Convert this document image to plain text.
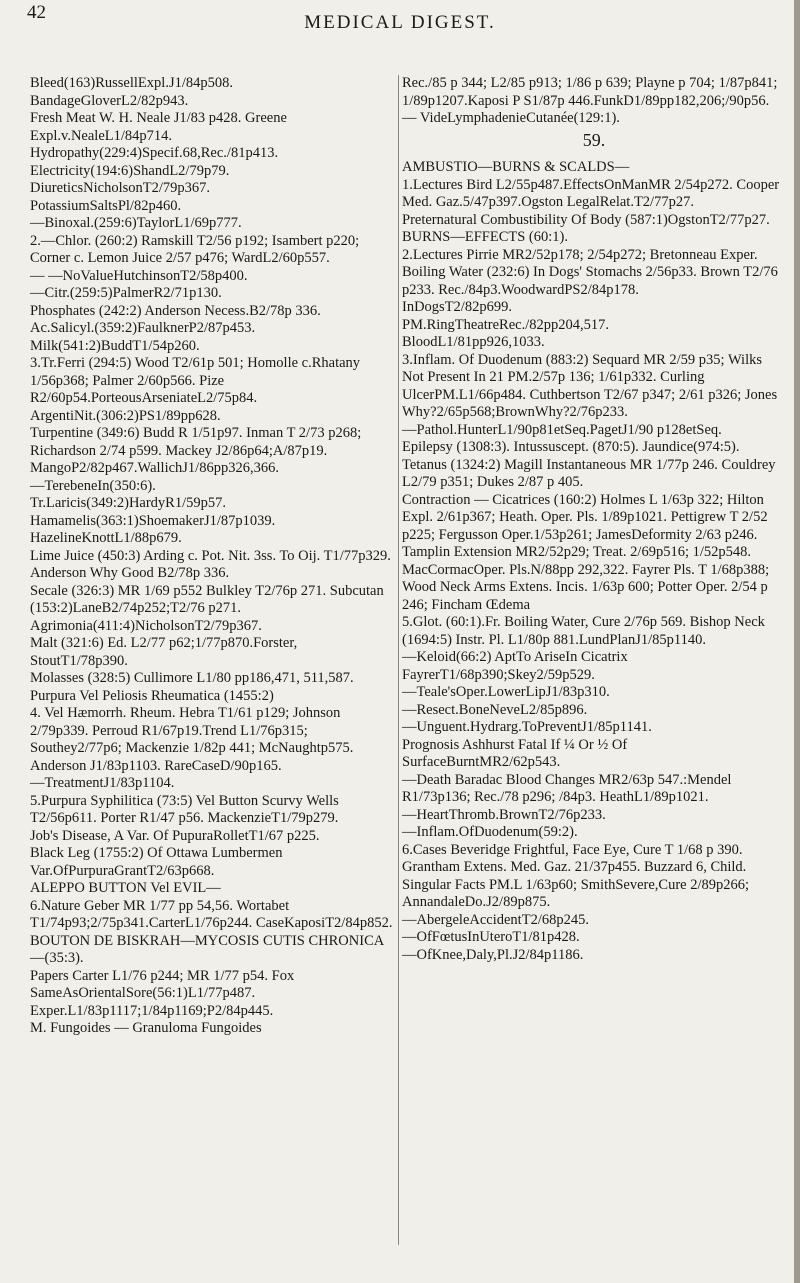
42	MEDICAL DIGEST.
Bleed(163)RussellExpl.J1/84p508.
BandageGloverL2/82p943.
Fresh Meat W. H. Neale J1/83 p428. Greene Expl.v.NealeL1/84p714.
Hydropathy(229:4)Specif.68,Rec./81p413.
Electricity(194:6)ShandL2/79p79.
DiureticsNicholsonT2/79p367.
PotassiumSaltsPl/82p460.
—Binoxal.(259:6)TaylorL1/69p777.
2.—Chlor. (260:2) Ramskill T2/56 p192; Isambert p220; Corner c. Lemon Juice 2/57 p476; WardL2/60p557.
— —NoValueHutchinsonT2/58p400.
—Citr.(259:5)PalmerR2/71p130.
Phosphates (242:2) Anderson Necess.B2/78p 336.
Ac.Salicyl.(359:2)FaulknerP2/87p453.
Milk(541:2)BuddT1/54p260.
3.Tr.Ferri (294:5) Wood T2/61p 501; Homolle c.Rhatany 1/56p368; Palmer 2/60p566. Pize R2/60p54.PorteousArseniateL2/75p84.
ArgentiNit.(306:2)PS1/89pp628.
Turpentine (349:6) Budd R 1/51p97. Inman T 2/73 p268; Richardson 2/74 p599. Mackey J2/86p64;A/87p19.
MangoP2/82p467.WallichJ1/86pp326,366.
—TerebeneIn(350:6).
Tr.Laricis(349:2)HardyR1/59p57.
Hamamelis(363:1)ShoemakerJ1/87p1039.
HazelineKnottL1/88p679.
Lime Juice (450:3) Arding c. Pot. Nit. 3ss. To Oij. T1/77p329. Anderson Why Good B2/78p 336.
Secale (326:3) MR 1/69 p552 Bulkley T2/76p 271. Subcutan (153:2)LaneB2/74p252;T2/76 p271.
Agrimonia(411:4)NicholsonT2/79p367.
Malt (321:6) Ed. L2/77 p62;1/77p870.Forster, StoutT1/78p390.
Molasses (328:5) Cullimore L1/80 pp186,471, 511,587.
Purpura Vel Peliosis Rheumatica (1455:2)
4. Vel Hæmorrh. Rheum. Hebra T1/61 p129; Johnson 2/79p339. Perroud R1/67p19.Trend L1/76p315; Southey2/77p6; Mackenzie 1/82p 441; McNaughtp575. Anderson J1/83p1103. RareCaseD/90p165.
—TreatmentJ1/83p1104.
5.Purpura Syphilitica (73:5) Vel Button Scurvy Wells T2/56p611. Porter R1/47 p56. MackenzieT1/79p279.
Job's Disease, A Var. Of PupuraRolletT1/67 p225.
Black Leg (1755:2) Of Ottawa Lumbermen Var.OfPurpuraGrantT2/63p668.
ALEPPO BUTTON Vel EVIL—
6.Nature Geber MR 1/77 pp 54,56. Wortabet T1/74p93;2/75p341.CarterL1/76p244. CaseKaposiT2/84p852.
BOUTON DE BISKRAH—MYCOSIS CUTIS CHRONICA—(35:3).
Papers Carter L1/76 p244; MR 1/77 p54. Fox SameAsOrientalSore(56:1)L1/77p487. Exper.L1/83p1117;1/84p1169;P2/84p445.
M. Fungoides — Granuloma Fungoides
Rec./85 p 344; L2/85 p913; 1/86 p 639; Playne p 704; 1/87p841; 1/89p1207.Kaposi P S1/87p 446.FunkD1/89pp182,206;/90p56.
— VideLymphadenieCutanée(129:1).
59.
AMBUSTIO—BURNS & SCALDS—
1.Lectures Bird L2/55p487.EffectsOnManMR 2/54p272. Cooper Med. Gaz.5/47p397.Ogston LegalRelat.T2/77p27.
Preternatural Combustibility Of Body (587:1)OgstonT2/77p27.
BURNS—EFFECTS (60:1).
2.Lectures Pirrie MR2/52p178; 2/54p272; Bretonneau Exper. Boiling Water (232:6) In Dogs' Stomachs 2/56p33. Brown T2/76 p233. Rec./84p3.WoodwardPS2/84p178.
InDogsT2/82p699.
PM.RingTheatreRec./82pp204,517.
BloodL1/81pp926,1033.
3.Inflam. Of Duodenum (883:2) Sequard MR 2/59 p35; Wilks Not Present In 21 PM.2/57p 136; 1/61p332. Curling UlcerPM.L1/66p484. Cuthbertson T2/67 p347; 2/61 p326; Jones Why?2/65p568;BrownWhy?2/76p233.
—Pathol.HunterL1/90p81etSeq.PagetJ1/90 p128etSeq.
Epilepsy (1308:3). Intussuscept. (870:5). Jaundice(974:5).
Tetanus (1324:2) Magill Instantaneous MR 1/77p 246. Couldrey L2/79 p351; Dukes 2/87 p 405.
Contraction — Cicatrices (160:2) Holmes L 1/63p 322; Hilton Expl. 2/61p367; Heath. Oper. Pls. 1/89p1021. Pettigrew T 2/52 p225; Fergusson Oper.1/53p261; JamesDeformity 2/63 p246. Tamplin Extension MR2/52p29; Treat. 2/69p516; 1/52p548. MacCormacOper. Pls.N/88pp 292,322. Fayrer Pls. T 1/68p388; Wood Neck Arms Extens. Incis. 1/63p 600; Potter Oper. 2/54 p 246; Fincham Œdema
5.Glot. (60:1).Fr. Boiling Water, Cure 2/76p 569. Bishop Neck (1694:5) Instr. Pl. L1/80p 881.LundPlanJ1/85p1140.
—Keloid(66:2) AptTo AriseIn Cicatrix FayrerT1/68p390;Skey2/59p529.
—Teale'sOper.LowerLipJ1/83p310.
—Resect.BoneNeveL2/85p896.
—Unguent.Hydrarg.ToPreventJ1/85p1141.
Prognosis Ashhurst Fatal If ¼ Or ½ Of SurfaceBurntMR2/62p543.
—Death Baradac Blood Changes MR2/63p 547.:Mendel R1/73p136; Rec./78 p296; /84p3. HeathL1/89p1021.
—HeartThromb.BrownT2/76p233.
—Inflam.OfDuodenum(59:2).
6.Cases Beveridge Frightful, Face Eye, Cure T 1/68 p 390. Grantham Extens. Med. Gaz. 21/37p455. Buzzard 6, Child. Singular Facts PM.L 1/63p60; SmithSevere,Cure 2/89p266; AnnandaleDo.J2/89p875.
—AbergeleAccidentT2/68p245.
—OfFœtusInUteroT1/81p428.
—OfKnee,Daly,Pl.J2/84p1186.
